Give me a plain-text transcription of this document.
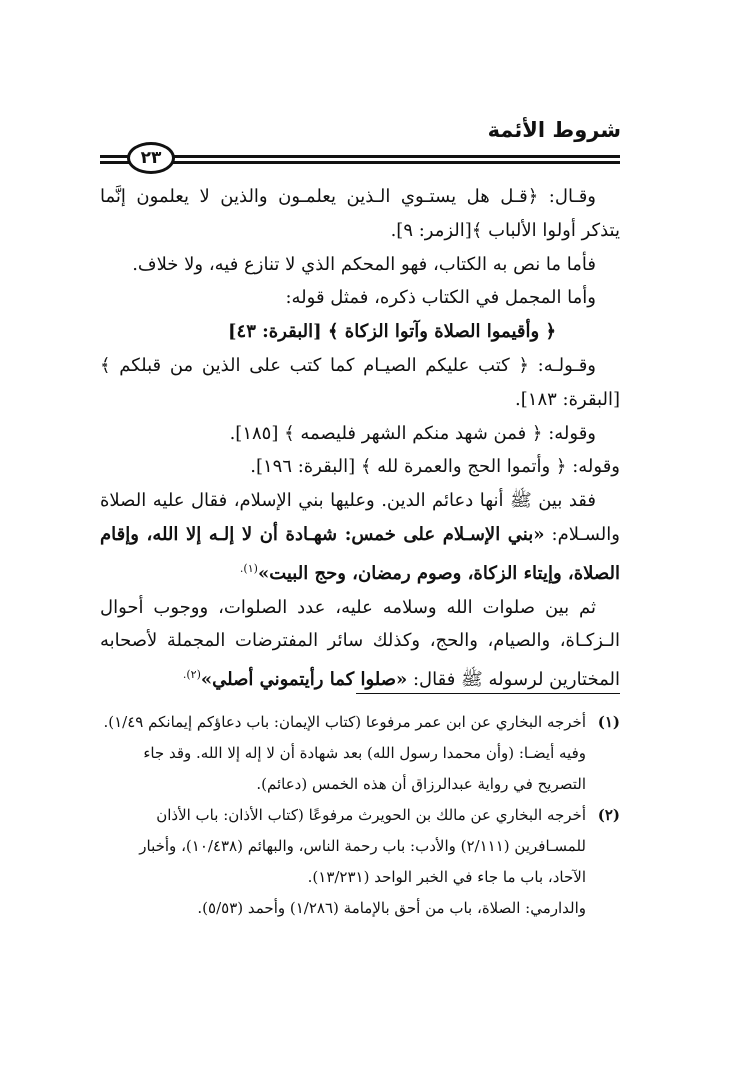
شروط الأئمة
٢٣

وقـال: ﴿قـل هل يستـوي الـذين يعلمـون والذين لا يعلمون إنَّما يتذكر أولوا الألباب ﴾[الزمر: ٩].

فأما ما نص به الكتاب، فهو المحكم الذي لا تنازع فيه، ولا خلاف.

وأما المجمل في الكتاب ذكره، فمثل قوله:

﴿ وأقيموا الصلاة وآتوا الزكاة ﴾ [البقرة: ٤٣]

وقـولـه: ﴿ كتب عليكم الصيـام كما كتب على الذين من قبلكم ﴾ [البقرة: ١٨٣].

وقوله: ﴿ فمن شهد منكم الشهر فليصمه ﴾ [١٨٥].

وقوله: ﴿ وأتموا الحج والعمرة لله ﴾ [البقرة: ١٩٦].

فقد بين ﷺ أنها دعائم الدين. وعليها بني الإسلام، فقال عليه الصلاة والسـلام: «بني الإسـلام على خمس: شهـادة أن لا إلـه إلا الله، وإقام الصلاة، وإيتاء الزكاة، وصوم رمضان، وحج البيت»$^{(١).}$

ثم بين صلوات الله وسلامه عليه، عدد الصلوات، ووجوب أحوال الـزكـاة، والصيام، والحج، وكذلك سائر المفترضات المجملة لأصحابه المختارين لرسوله ﷺ فقال: «صلوا كما رأيتموني أصلي»$^{(٢).}$

(١)

أخرجه البخاري عن ابن عمر مرفوعا (كتاب الإيمان: باب دعاؤكم إيمانكم ١/٤٩).

وفيه أيضـا: (وأن محمدا رسول الله) بعد شهادة أن لا إله إلا الله. وقد جاء التصريح في رواية عبدالرزاق أن هذه الخمس (دعائم).

(٢)

أخرجه البخاري عن مالك بن الحويرث مرفوعًا (كتاب الأذان: باب الأذان للمسـافرين (٢/١١١) والأدب: باب رحمة الناس، والبهائم (١٠/٤٣٨)، وأخبار الآحاد، باب ما جاء في الخبر الواحد (١٣/٢٣١).

والدارمي: الصلاة، باب من أحق بالإمامة (١/٢٨٦) وأحمد (٥/٥٣).
